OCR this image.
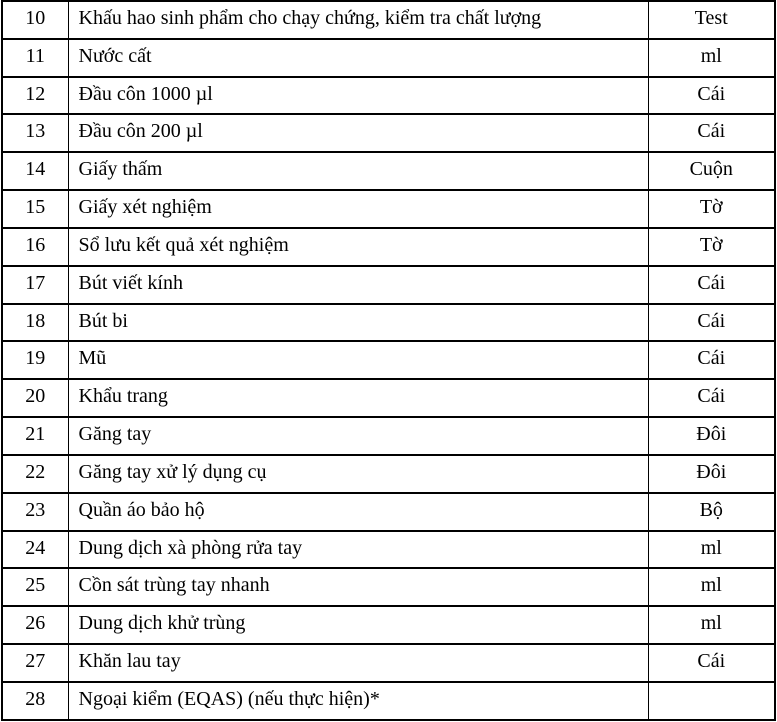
10	Khấu hao sinh phẩm cho chạy chứng, kiểm tra chất lượng	Test
11	Nước cất	ml
12	Đầu côn 1000 µl	Cái
13	Đầu côn 200 µl	Cái
14	Giấy thấm	Cuộn
15	Giấy xét nghiệm	Tờ
16	Sổ lưu kết quả xét nghiệm	Tờ
17	Bút viết kính	Cái
18	Bút bi	Cái
19	Mũ	Cái
20	Khẩu trang	Cái
21	Găng tay	Đôi
22	Găng tay xử lý dụng cụ	Đôi
23	Quần áo bảo hộ	Bộ
24	Dung dịch xà phòng rửa tay	ml
25	Cồn sát trùng tay nhanh	ml
26	Dung dịch khử trùng	ml
27	Khăn lau tay	Cái
28	Ngoại kiểm (EQAS) (nếu thực hiện)*	
